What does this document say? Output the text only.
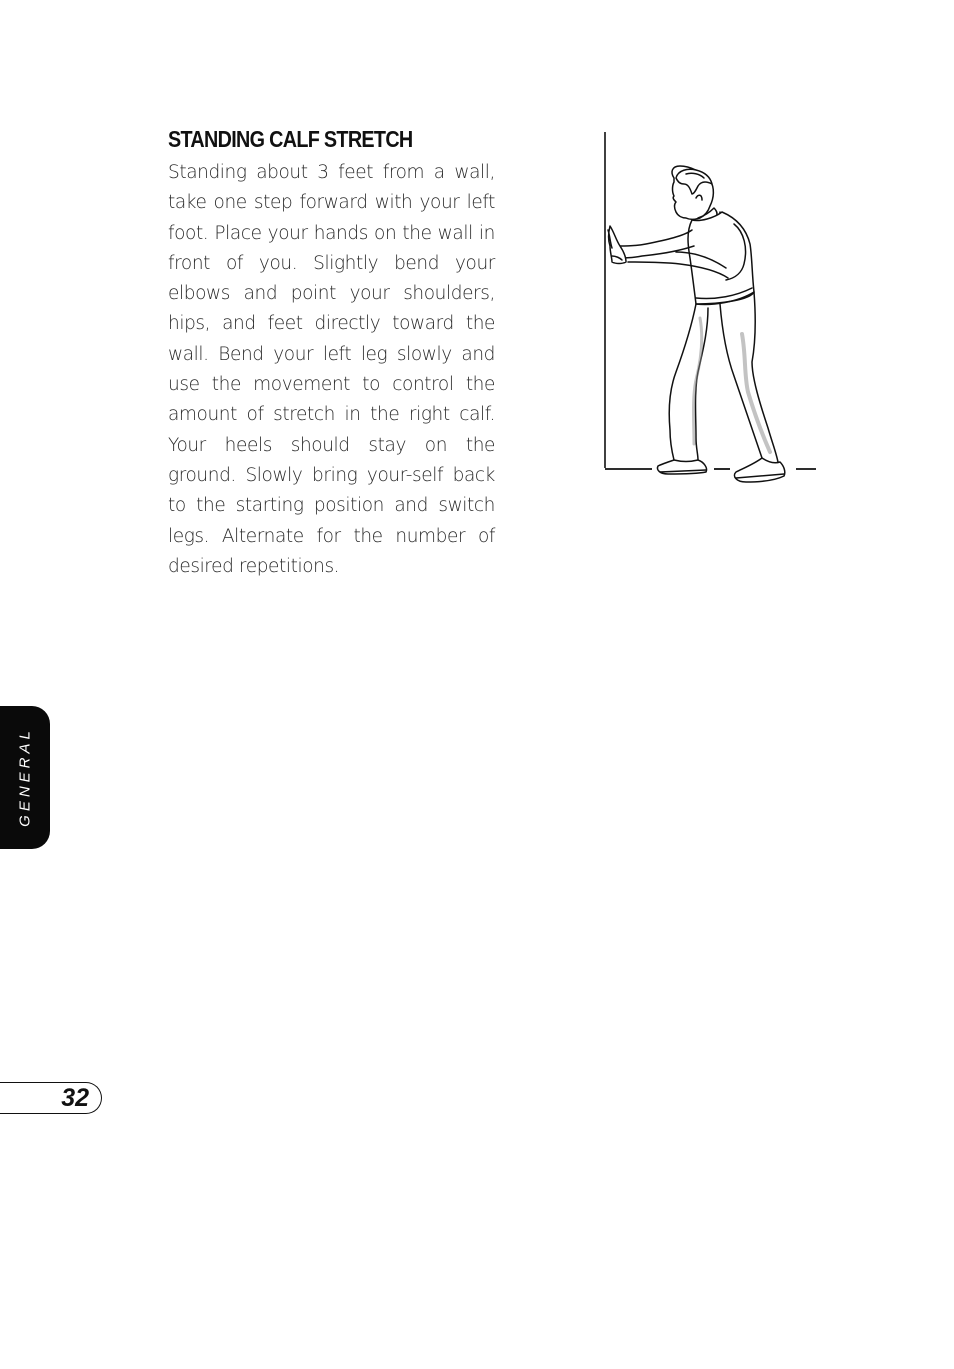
STANDING CALF STRETCH

Standing about 3 feet from a wall, take one step forward with your left foot. Place your hands on the wall in front of you. Slightly bend your elbows and point your shoulders, hips, and feet directly toward the wall. Bend your left leg slowly and use the movement to control the amount of stretch in the right calf. Your heels should stay on the ground. Slowly bring your-self back to the starting position and switch legs. Alternate for the number of desired repetitions.

GENERAL
32
